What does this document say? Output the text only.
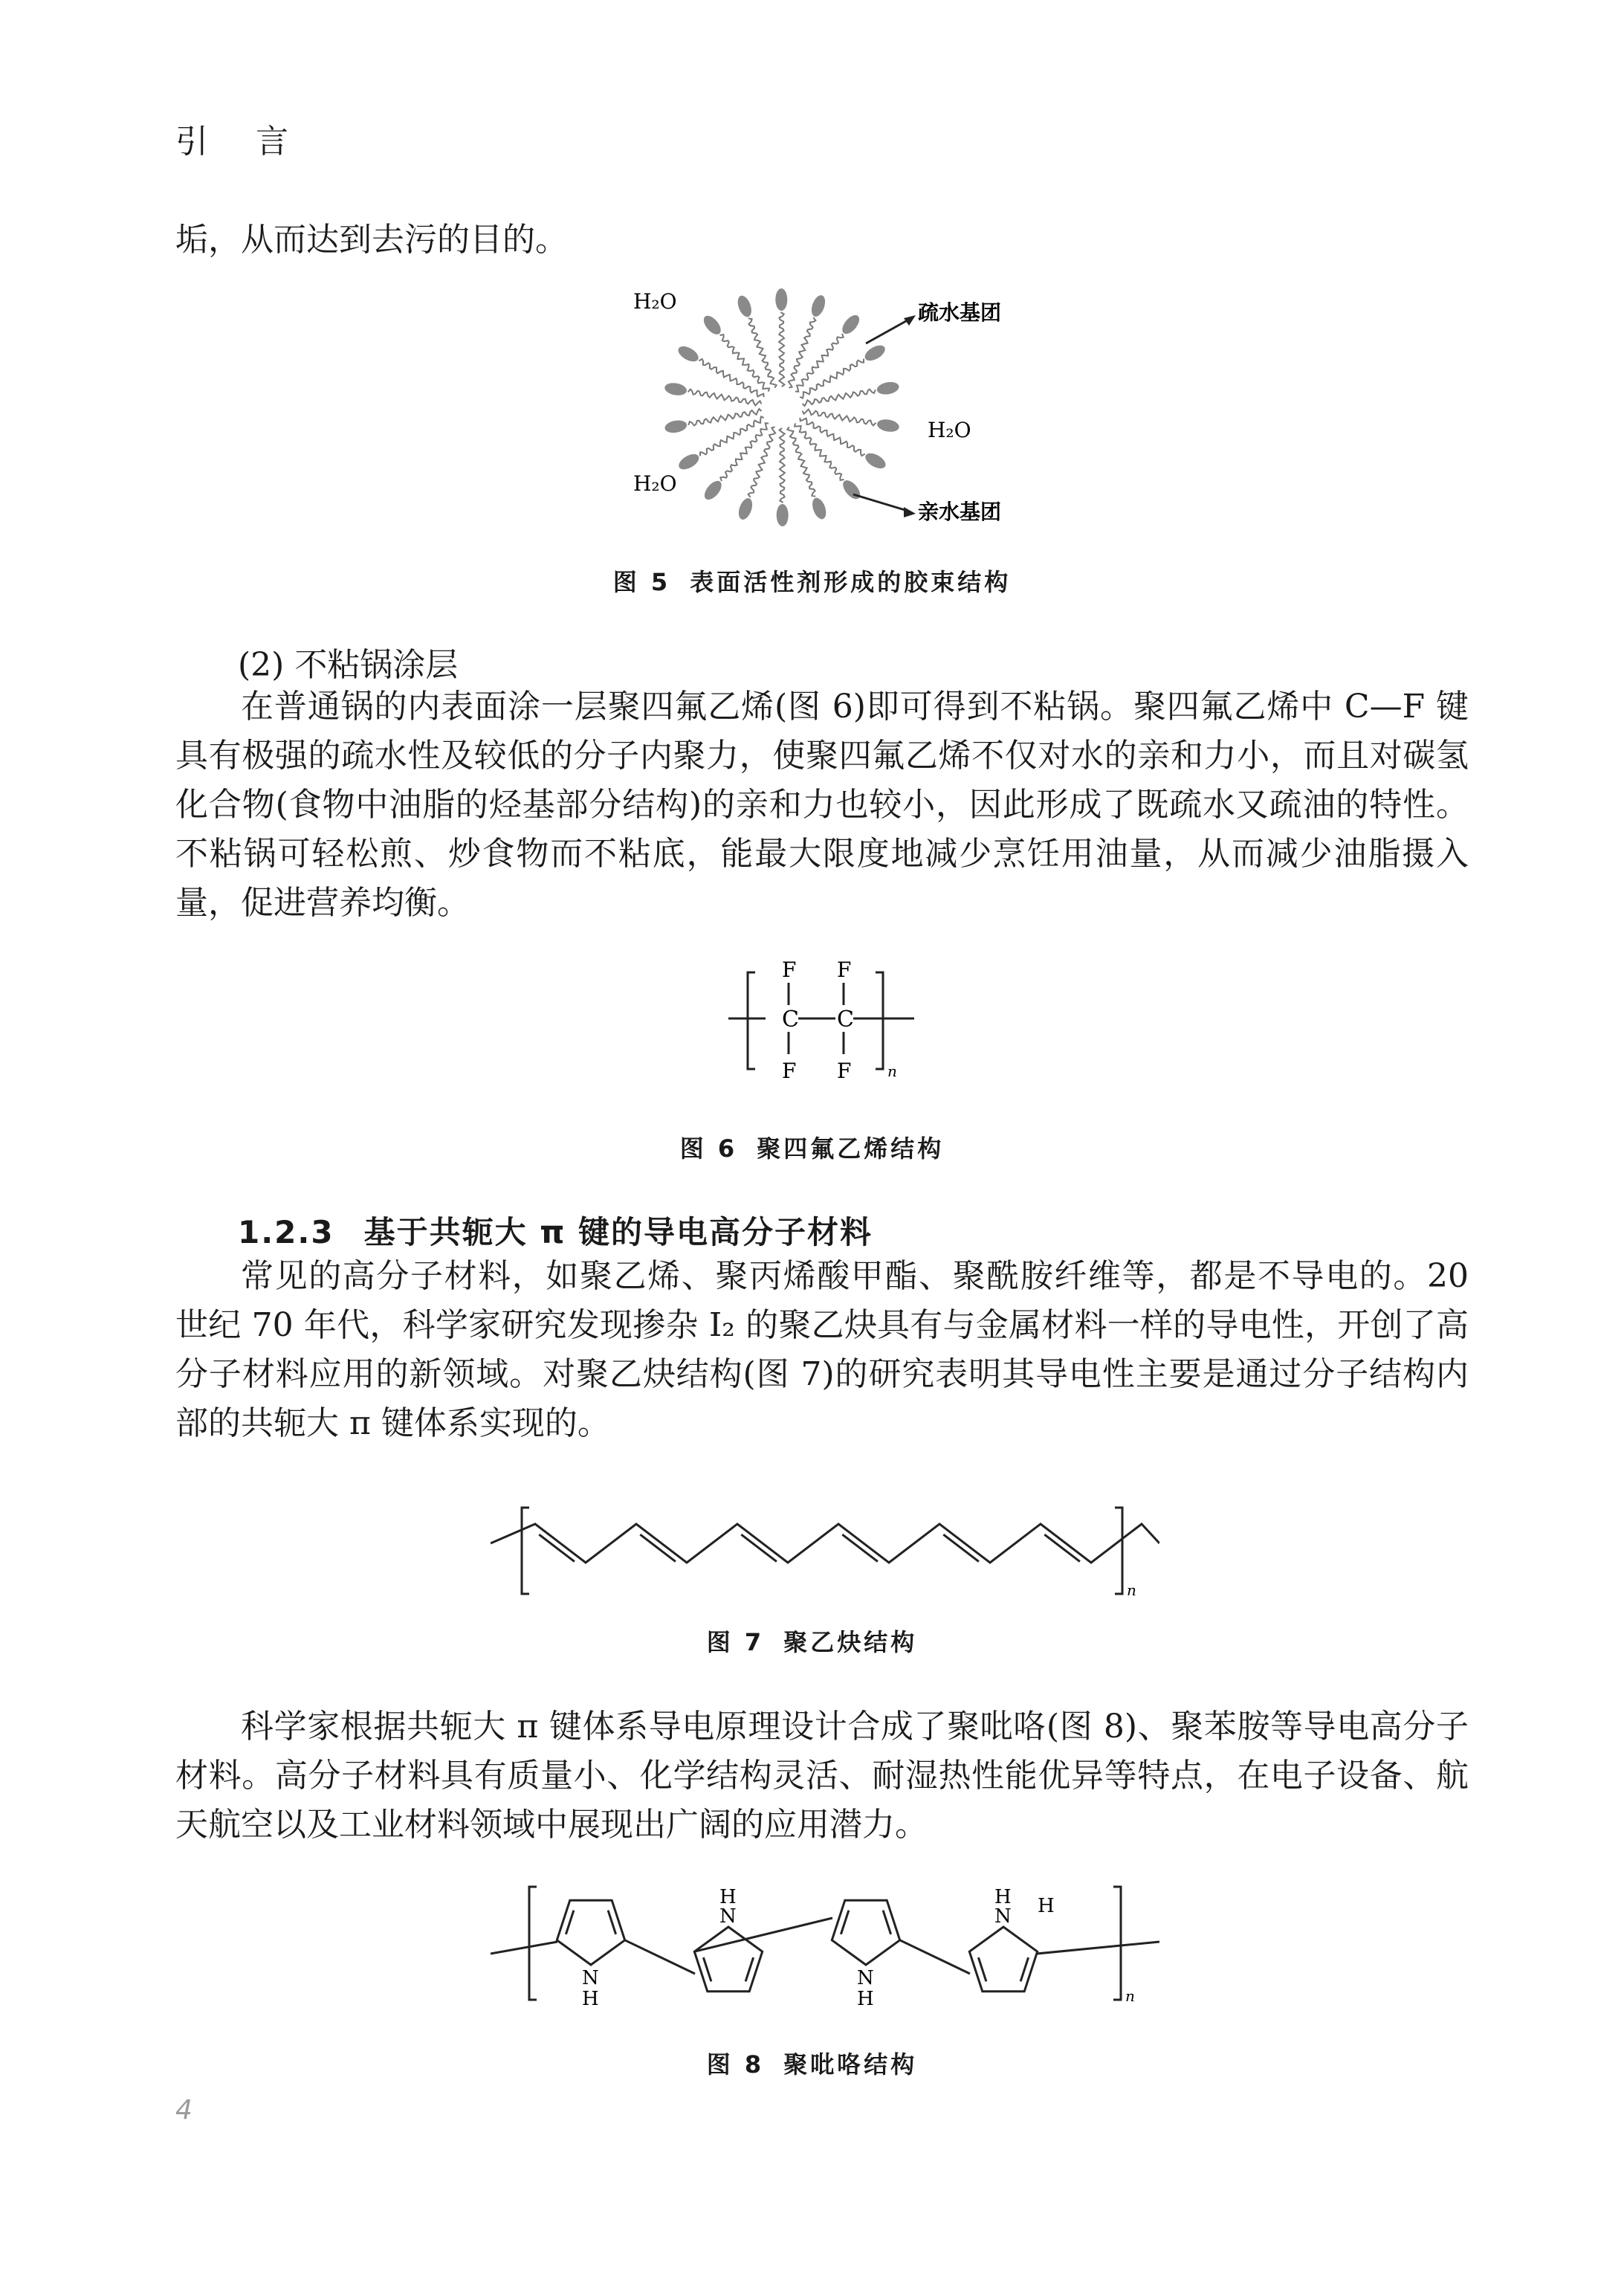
引 言
垢，从而达到去污的目的。
H₂O
H₂O
H₂O
疏水基团
亲水基团
图 5 表面活性剂形成的胶束结构
(2) 不粘锅涂层
在普通锅的内表面涂一层聚四氟乙烯(图 6)即可得到不粘锅。聚四氟乙烯中 C—F 键具有极强的疏水性及较低的分子内聚力，使聚四氟乙烯不仅对水的亲和力小，而且对碳氢化合物(食物中油脂的烃基部分结构)的亲和力也较小，因此形成了既疏水又疏油的特性。不粘锅可轻松煎、炒食物而不粘底，能最大限度地减少烹饪用油量，从而减少油脂摄入量，促进营养均衡。
C C
F F
F F n
图 6 聚四氟乙烯结构
1.2.3 基于共轭大 π 键的导电高分子材料
常见的高分子材料，如聚乙烯、聚丙烯酸甲酯、聚酰胺纤维等，都是不导电的。20 世纪 70 年代，科学家研究发现掺杂 I₂ 的聚乙炔具有与金属材料一样的导电性，开创了高分子材料应用的新领域。对聚乙炔结构(图 7)的研究表明其导电性主要是通过分子结构内部的共轭大 π 键体系实现的。
n
图 7 聚乙炔结构
科学家根据共轭大 π 键体系导电原理设计合成了聚吡咯(图 8)、聚苯胺等导电高分子材料。高分子材料具有质量小、化学结构灵活、耐湿热性能优异等特点，在电子设备、航天航空以及工业材料领域中展现出广阔的应用潜力。
N
H
H
N
N
H
H
N H
n
图 8 聚吡咯结构
4
